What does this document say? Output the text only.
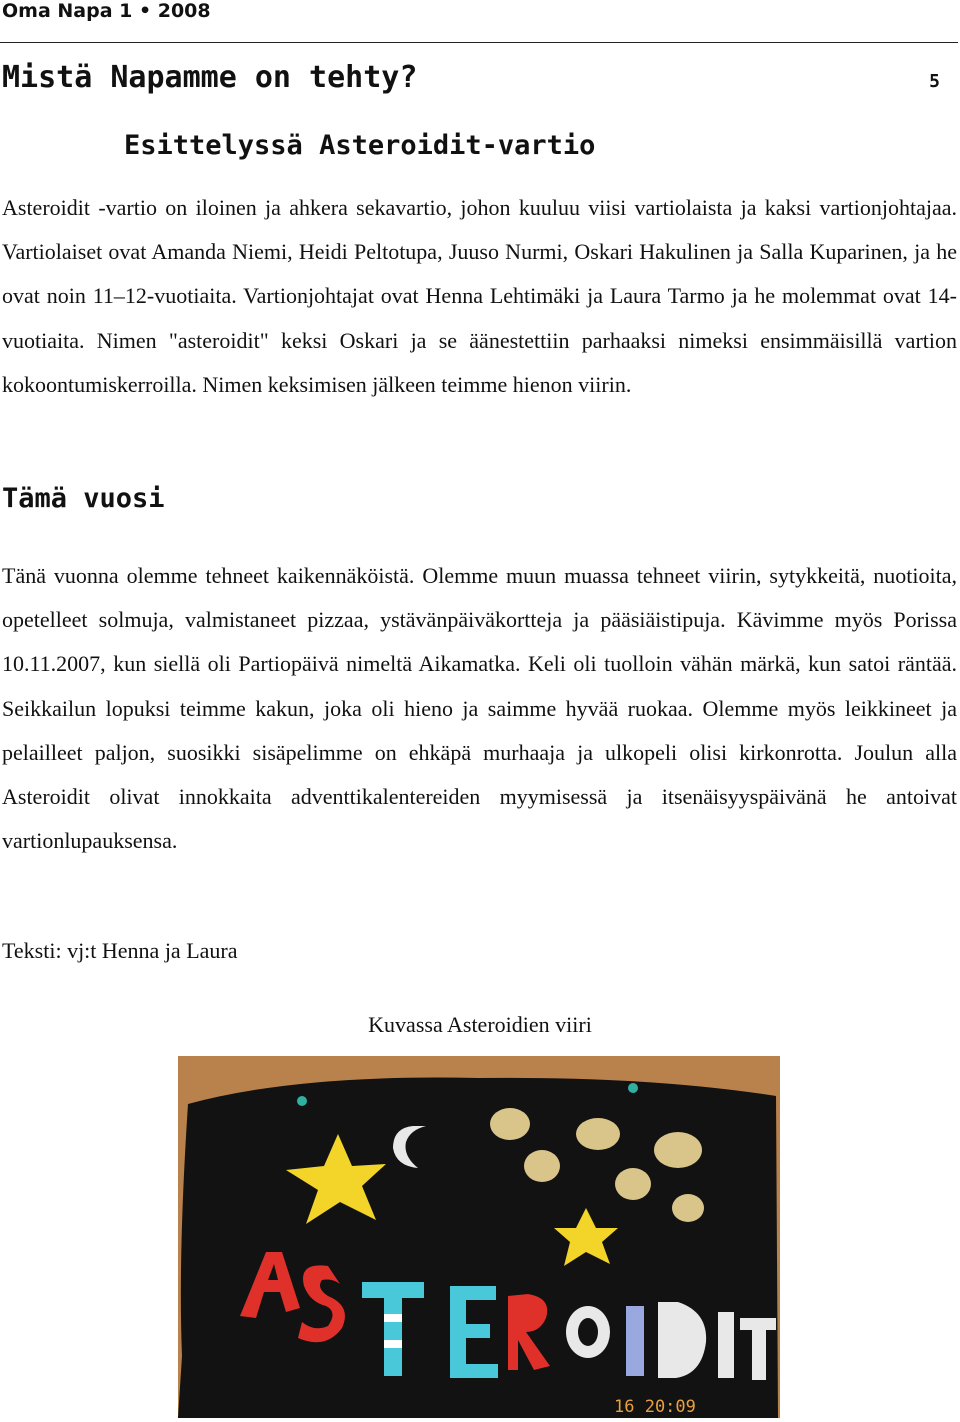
Oma Napa 1 • 2008
Mistä Napamme on tehty?	5
Esittelyssä Asteroidit-vartio

Asteroidit -vartio on iloinen ja ahkera sekavartio, johon kuuluu viisi vartiolaista ja kaksi vartionjohtajaa. Vartiolaiset ovat Amanda Niemi, Heidi Peltotupa, Juuso Nurmi, Oskari Hakulinen ja Salla Kuparinen, ja he ovat noin 11–12-vuotiaita. Vartionjohtajat ovat Henna Lehtimäki ja Laura Tarmo ja he molemmat ovat 14-vuotiaita. Nimen "asteroidit" keksi Oskari ja se äänestettiin parhaaksi nimeksi ensimmäisillä vartion kokoontumiskerroilla. Nimen keksimisen jälkeen teimme hienon viirin.

Tämä vuosi

Tänä vuonna olemme tehneet kaikennäköistä. Olemme muun muassa tehneet viirin, sytykkeitä, nuotioita, opetelleet solmuja, valmistaneet pizzaa, ystävänpäiväkortteja ja pääsiäistipuja. Kävimme myös Porissa 10.11.2007, kun siellä oli Partiopäivä nimeltä Aikamatka. Keli oli tuolloin vähän märkä, kun satoi räntää. Seikkailun lopuksi teimme kakun, joka oli hieno ja saimme hyvää ruokaa. Olemme myös leikkineet ja pelailleet paljon, suosikki sisäpelimme on ehkäpä murhaaja ja ulkopeli olisi kirkonrotta. Joulun alla Asteroidit olivat innokkaita adventtikalentereiden myymisessä ja itsenäisyyspäivänä he antoivat vartionlupauksensa.

Teksti: vj:t Henna ja Laura
Kuvassa Asteroidien viiri
16 20:09
